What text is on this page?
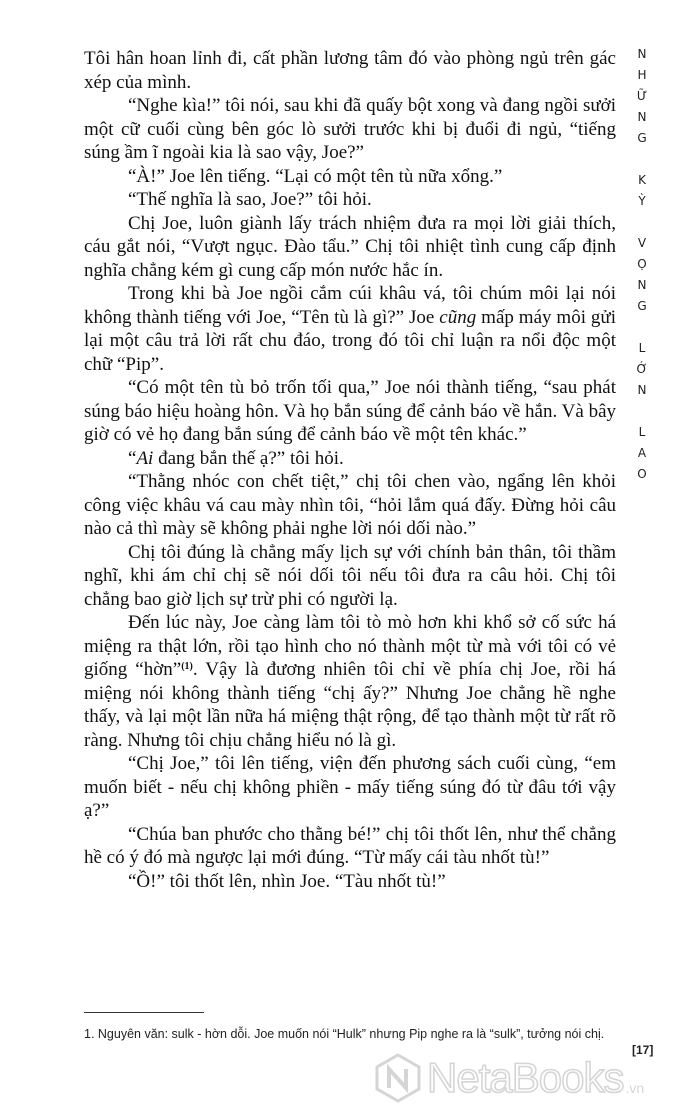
N
H
Ữ
N
G

K
Ỳ

V
Ọ
N
G

L
Ớ
N

L
A
O

Tôi hân hoan lỉnh đi, cất phần lương tâm đó vào phòng ngủ trên gác xép của mình.

“Nghe kìa!” tôi nói, sau khi đã quấy bột xong và đang ngồi sưởi một cữ cuối cùng bên góc lò sưởi trước khi bị đuổi đi ngủ, “tiếng súng ầm ĩ ngoài kia là sao vậy, Joe?”

“À!” Joe lên tiếng. “Lại có một tên tù nữa xổng.”

“Thế nghĩa là sao, Joe?” tôi hỏi.

Chị Joe, luôn giành lấy trách nhiệm đưa ra mọi lời giải thích, cáu gắt nói, “Vượt ngục. Đào tẩu.” Chị tôi nhiệt tình cung cấp định nghĩa chẳng kém gì cung cấp món nước hắc ín.

Trong khi bà Joe ngồi cắm cúi khâu vá, tôi chúm môi lại nói không thành tiếng với Joe, “Tên tù là gì?” Joe cũng mấp máy môi gửi lại một câu trả lời rất chu đáo, trong đó tôi chỉ luận ra nổi độc một chữ “Pip”.

“Có một tên tù bỏ trốn tối qua,” Joe nói thành tiếng, “sau phát súng báo hiệu hoàng hôn. Và họ bắn súng để cảnh báo về hắn. Và bây giờ có vẻ họ đang bắn súng để cảnh báo về một tên khác.”

“Ai đang bắn thế ạ?” tôi hỏi.

“Thằng nhóc con chết tiệt,” chị tôi chen vào, ngẩng lên khỏi công việc khâu vá cau mày nhìn tôi, “hỏi lắm quá đấy. Đừng hỏi câu nào cả thì mày sẽ không phải nghe lời nói dối nào.”

Chị tôi đúng là chẳng mấy lịch sự với chính bản thân, tôi thầm nghĩ, khi ám chỉ chị sẽ nói dối tôi nếu tôi đưa ra câu hỏi. Chị tôi chẳng bao giờ lịch sự trừ phi có người lạ.

Đến lúc này, Joe càng làm tôi tò mò hơn khi khổ sở cố sức há miệng ra thật lớn, rồi tạo hình cho nó thành một từ mà với tôi có vẻ giống “hờn”$^{(1)}$. Vậy là đương nhiên tôi chỉ về phía chị Joe, rồi há miệng nói không thành tiếng “chị ấy?” Nhưng Joe chẳng hề nghe thấy, và lại một lần nữa há miệng thật rộng, để tạo thành một từ rất rõ ràng. Nhưng tôi chịu chẳng hiểu nó là gì.

“Chị Joe,” tôi lên tiếng, viện đến phương sách cuối cùng, “em muốn biết - nếu chị không phiền - mấy tiếng súng đó từ đâu tới vậy ạ?”

“Chúa ban phước cho thằng bé!” chị tôi thốt lên, như thể chẳng hề có ý đó mà ngược lại mới đúng. “Từ mấy cái tàu nhốt tù!”

“Ồ!” tôi thốt lên, nhìn Joe. “Tàu nhốt tù!”

1. Nguyên văn: sulk - hờn dỗi. Joe muốn nói “Hulk” nhưng Pip nghe ra là “sulk”, tưởng nói chị.
[17]
NetaBooks .vn
